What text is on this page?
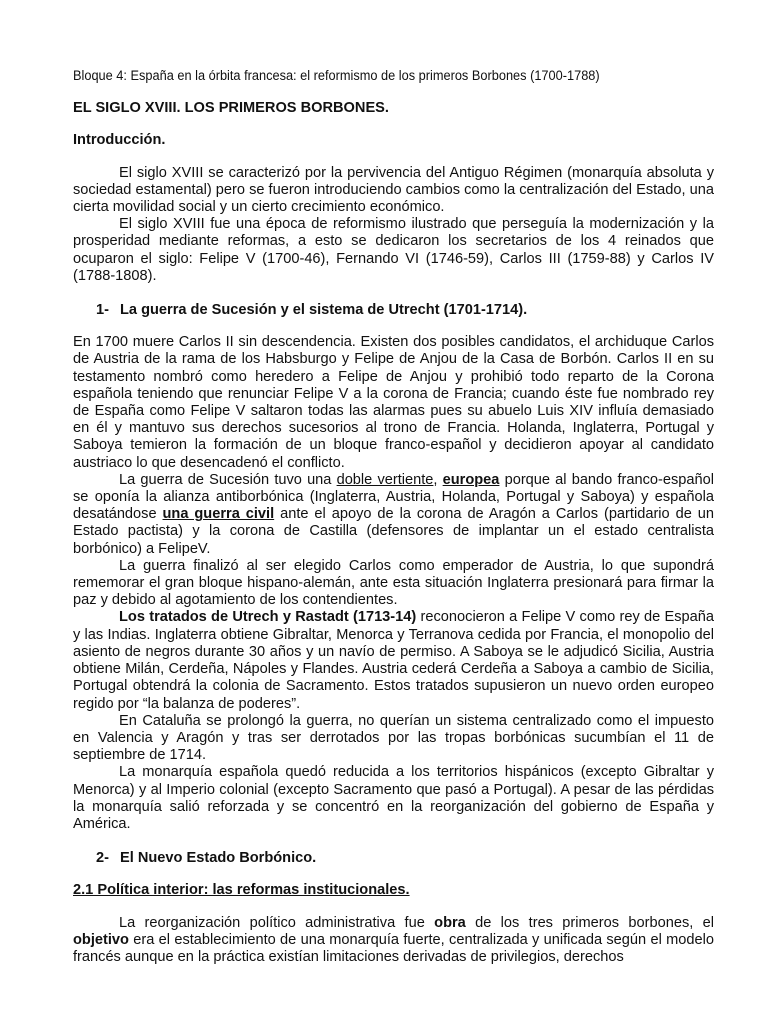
Bloque 4: España en la órbita francesa: el reformismo de los primeros Borbones (1700-1788)
EL SIGLO XVIII. LOS PRIMEROS BORBONES.
Introducción.

El siglo XVIII se caracterizó por la pervivencia del Antiguo Régimen (monarquía absoluta y sociedad estamental) pero se fueron introduciendo cambios como la centralización del Estado, una cierta movilidad social y un cierto crecimiento económico.

El siglo XVIII fue una época de reformismo ilustrado que perseguía la modernización y la prosperidad mediante reformas, a esto se dedicaron los secretarios de los 4 reinados que ocuparon el siglo: Felipe V (1700-46), Fernando VI (1746-59), Carlos III (1759-88) y Carlos IV (1788-1808).

1- La guerra de Sucesión y el sistema de Utrecht (1701-1714).

En 1700 muere Carlos II sin descendencia. Existen dos posibles candidatos, el archiduque Carlos de Austria de la rama de los Habsburgo y Felipe de Anjou de la Casa de Borbón. Carlos II en su testamento nombró como heredero a Felipe de Anjou y prohibió todo reparto de la Corona española teniendo que renunciar Felipe V a la corona de Francia; cuando éste fue nombrado rey de España como Felipe V saltaron todas las alarmas pues su abuelo Luis XIV influía demasiado en él y mantuvo sus derechos sucesorios al trono de Francia. Holanda, Inglaterra, Portugal y Saboya temieron la formación de un bloque franco-español y decidieron apoyar al candidato austriaco lo que desencadenó el conflicto.

La guerra de Sucesión tuvo una doble vertiente, europea porque al bando franco-español se oponía la alianza antiborbónica (Inglaterra, Austria, Holanda, Portugal y Saboya) y española desatándose una guerra civil ante el apoyo de la corona de Aragón a Carlos (partidario de un Estado pactista) y la corona de Castilla (defensores de implantar un el estado centralista borbónico) a FelipeV.

La guerra finalizó al ser elegido Carlos como emperador de Austria, lo que supondrá rememorar el gran bloque hispano-alemán, ante esta situación Inglaterra presionará para firmar la paz y debido al agotamiento de los contendientes.

Los tratados de Utrech y Rastadt (1713-14) reconocieron a Felipe V como rey de España y las Indias. Inglaterra obtiene Gibraltar, Menorca y Terranova cedida por Francia, el monopolio del asiento de negros durante 30 años y un navío de permiso. A Saboya se le adjudicó Sicilia, Austria obtiene Milán, Cerdeña, Nápoles y Flandes. Austria cederá Cerdeña a Saboya a cambio de Sicilia, Portugal obtendrá la colonia de Sacramento. Estos tratados supusieron un nuevo orden europeo regido por “la balanza de poderes”.

En Cataluña se prolongó la guerra, no querían un sistema centralizado como el impuesto en Valencia y Aragón y tras ser derrotados por las tropas borbónicas sucumbían el 11 de septiembre de 1714.

La monarquía española quedó reducida a los territorios hispánicos (excepto Gibraltar y Menorca) y al Imperio colonial (excepto Sacramento que pasó a Portugal). A pesar de las pérdidas la monarquía salió reforzada y se concentró en la reorganización del gobierno de España y América.

2- El Nuevo Estado Borbónico.
2.1 Política interior: las reformas institucionales.

La reorganización político administrativa fue obra de los tres primeros borbones, el objetivo era el establecimiento de una monarquía fuerte, centralizada y unificada según el modelo francés aunque en la práctica existían limitaciones derivadas de privilegios, derechos
